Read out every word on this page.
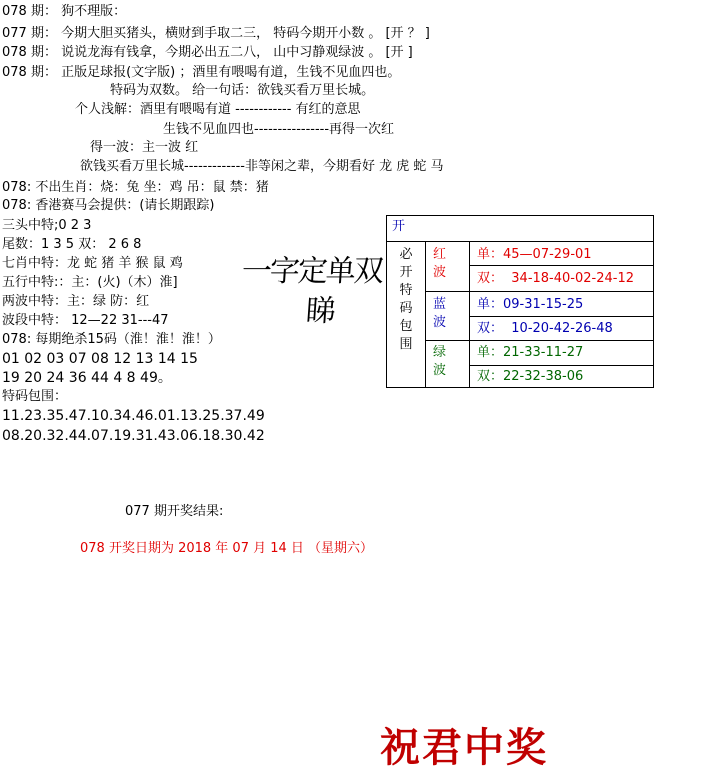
078 期： 狗不理版：
077 期： 今期大胆买猪头，横财到手取二三， 特码今期开小数 。 [开 ？ ]
078 期： 说说龙海有钱拿，今期必出五二八， 山中习静观绿波 。 [开 ]
078 期： 正版足球报(文字版) ；酒里有喂喝有道，生钱不见血四也。
特码为双数。 给一句话：欲钱买看万里长城。
个人浅解：酒里有喂喝有道 ------------ 有红的意思
生钱不见血四也----------------再得一次红
得一波：主一波 红
欲钱买看万里长城-------------非等闲之辈，今期看好 龙 虎 蛇 马
078: 不出生肖：烧：兔 坐：鸡 吊：鼠 禁：猪
078: 香港赛马会提供：(请长期跟踪)
三头中特;0 2 3
尾数：1 3 5 双： 2 6 8
七肖中特：龙 蛇 猪 羊 猴 鼠 鸡
五行中特:：主：(火)（木）淮]
两波中特：主：绿 防：红
波段中特： 12—22 31---47
078: 每期绝杀15码（淮！淮！淮！）
01 02 03 07 08 12 13 14 15
19 20 24 36 44 4 8 49。
特码包围：
11.23.35.47.10.34.46.01.13.25.37.49
08.20.32.44.07.19.31.43.06.18.30.42
一字定单双
睇
开
必
开
特
码
包
围
红
波
单：45—07-29-01
双： 34-18-40-02-24-12
蓝
波
单：09-31-15-25
双： 10-20-42-26-48
绿
波
单：21-33-11-27
双：22-32-38-06
077 期开奖结果:
078 开奖日期为 2018 年 07 月 14 日 （星期六）
祝君中奖
